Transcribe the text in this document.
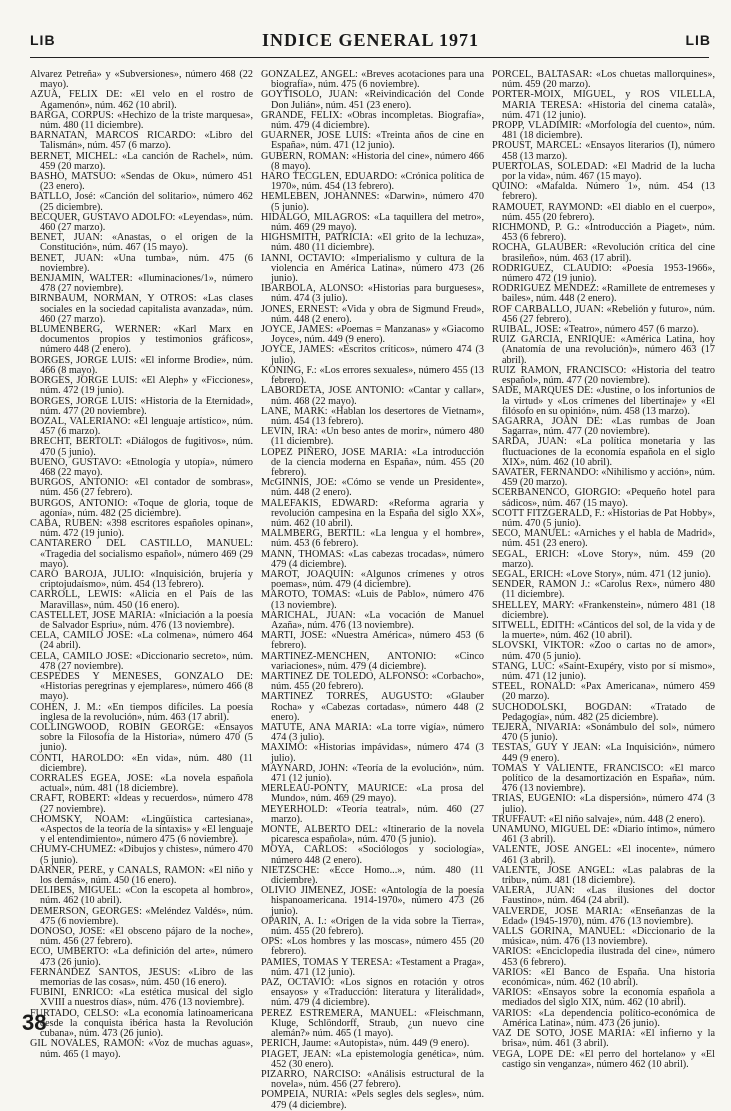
LIB	INDICE GENERAL 1971	LIB

Alvarez Petreña» y «Subversiones», número 468 (22 mayo).

AZUA, FELIX DE: «El velo en el rostro de Agamenón», núm. 462 (10 abril).

BARGA, CORPUS: «Hechizo de la triste marquesa», núm. 480 (11 diciembre).

BARNATAN, MARCOS RICARDO: «Libro del Talismán», núm. 457 (6 marzo).

BERNET, MICHEL: «La canción de Rachel», núm. 459 (20 marzo).

BASHO, MATSUO: «Sendas de Oku», número 451 (23 enero).

BATLLO, José: «Canción del solitario», número 462 (25 diciembre).

BECQUER, GUSTAVO ADOLFO: «Leyendas», núm. 460 (27 marzo).

BENET, JUAN: «Anastas, o el origen de la Constitución», núm. 467 (15 mayo).

BENET, JUAN: «Una tumba», núm. 475 (6 noviembre).

BENJAMIN, WALTER: «Iluminaciones/1», número 478 (27 noviembre).

BIRNBAUM, NORMAN, Y OTROS: «Las clases sociales en la sociedad capitalista avanzada», núm. 460 (27 marzo).

BLUMENBERG, WERNER: «Karl Marx en documentos propios y testimonios gráficos», número 448 (2 enero).

BORGES, JORGE LUIS: «El informe Brodie», núm. 466 (8 mayo).

BORGES, JORGE LUIS: «El Aleph» y «Ficciones», núm. 472 (19 junio).

BORGES, JORGE LUIS: «Historia de la Eternidad», núm. 477 (20 noviembre).

BOZAL, VALERIANO: «El lenguaje artístico», núm. 457 (6 marzo).

BRECHT, BERTOLT: «Diálogos de fugitivos», núm. 470 (5 junio).

BUENO, GUSTAVO: «Etnología y utopía», número 468 (22 mayo).

BURGOS, ANTONIO: «El contador de sombras», núm. 456 (27 febrero).

BURGOS, ANTONIO: «Toque de gloria, toque de agonía», núm. 482 (25 diciembre).

CABA, RUBEN: «398 escritores españoles opinan», núm. 472 (19 junio).

CANTARERO DEL CASTILLO, MANUEL: «Tragedia del socialismo español», número 469 (29 mayo).

CARO BAROJA, JULIO: «Inquisición, brujería y criptojudaísmo», núm. 454 (13 febrero).

CARROLL, LEWIS: «Alicia en el País de las Maravillas», núm. 450 (16 enero).

CASTELLET, JOSE MARIA: «Iniciación a la poesía de Salvador Espriu», núm. 476 (13 noviembre).

CELA, CAMILO JOSE: «La colmena», número 464 (24 abril).

CELA, CAMILO JOSE: «Diccionario secreto», núm. 478 (27 noviembre).

CESPEDES Y MENESES, GONZALO DE: «Historias peregrinas y ejemplares», número 466 (8 mayo).

COHEN, J. M.: «En tiempos difíciles. La poesía inglesa de la revolución», núm. 463 (17 abril).

COLLINGWOOD, ROBIN GEORGE: «Ensayos sobre la Filosofía de la Historia», número 470 (5 junio).

CONTI, HAROLDO: «En vida», núm. 480 (11 diciembre).

CORRALES EGEA, JOSE: «La novela española actual», núm. 481 (18 diciembre).

CRAFT, ROBERT: «Ideas y recuerdos», número 478 (27 noviembre).

CHOMSKY, NOAM: «Lingüística cartesiana», «Aspectos de la teoría de la sintaxis» y «El lenguaje y el entendimiento», número 475 (6 noviembre).

CHUMY-CHUMEZ: «Dibujos y chistes», número 470 (5 junio).

DARNER, PERE, y CANALS, RAMON: «El niño y los demás», núm. 450 (16 enero).

DELIBES, MIGUEL: «Con la escopeta al hombro», núm. 462 (10 abril).

DEMERSON, GEORGES: «Meléndez Valdés», núm. 475 (6 noviembre).

DONOSO, JOSE: «El obsceno pájaro de la noche», núm. 456 (27 febrero).

ECO, UMBERTO: «La definición del arte», número 473 (26 junio).

FERNANDEZ SANTOS, JESUS: «Libro de las memorias de las cosas», núm. 450 (16 enero).

FUBINI, ENRICO: «La estética musical del siglo XVIII a nuestros días», núm. 476 (13 noviembre).

FURTADO, CELSO: «La economía latinoamericana desde la conquista ibérica hasta la Revolución cubana», núm. 473 (26 junio).

GIL NOVALES, RAMON: «Voz de muchas aguas», núm. 465 (1 mayo).

GONZALEZ, ANGEL: «Breves acotaciones para una biografía», núm. 475 (6 noviembre).

GOYTISOLO, JUAN: «Reivindicación del Conde Don Julián», núm. 451 (23 enero).

GRANDE, FELIX: «Obras incompletas. Biografía», núm. 479 (4 diciembre).

GUARNER, JOSE LUIS: «Treinta años de cine en España», núm. 471 (12 junio).

GUBERN, ROMAN: «Historia del cine», número 466 (8 mayo).

HARO TECGLEN, EDUARDO: «Crónica política de 1970», núm. 454 (13 febrero).

HEMLEBEN, JOHANNES: «Darwin», número 470 (5 junio).

HIDALGO, MILAGROS: «La taquillera del metro», núm. 469 (29 mayo).

HIGHSMITH, PATRICIA: «El grito de la lechuza», núm. 480 (11 diciembre).

IANNI, OCTAVIO: «Imperialismo y cultura de la violencia en América Latina», número 473 (26 junio).

IBARBOLA, ALONSO: «Historias para burgueses», núm. 474 (3 julio).

JONES, ERNEST: «Vida y obra de Sigmund Freud», núm. 448 (2 enero).

JOYCE, JAMES: «Poemas = Manzanas» y «Giacomo Joyce», núm. 449 (9 enero).

JOYCE, JAMES: «Escritos críticos», número 474 (3 julio).

KONING, F.: «Los errores sexuales», número 455 (13 febrero).

LABORDETA, JOSE ANTONIO: «Cantar y callar», núm. 468 (22 mayo).

LANE, MARK: «Hablan los desertores de Vietnam», núm. 454 (13 febrero).

LEVIN, IRA: «Un beso antes de morir», número 480 (11 diciembre).

LOPEZ PIÑERO, JOSE MARIA: «La introducción de la ciencia moderna en España», núm. 455 (20 febrero).

McGINNIS, JOE: «Cómo se vende un Presidente», núm. 448 (2 enero).

MALEFAKIS, EDWARD: «Reforma agraria y revolución campesina en la España del siglo XX», núm. 462 (10 abril).

MALMBERG, BERTIL: «La lengua y el hombre», núm. 453 (6 febrero).

MANN, THOMAS: «Las cabezas trocadas», número 479 (4 diciembre).

MAROT, JOAQUIN: «Algunos crímenes y otros poemas», núm. 479 (4 diciembre).

MAROTO, TOMAS: «Luis de Pablo», número 476 (13 noviembre).

MARICHAL, JUAN: «La vocación de Manuel Azaña», núm. 476 (13 noviembre).

MARTI, JOSE: «Nuestra América», número 453 (6 febrero).

MARTINEZ-MENCHEN, ANTONIO: «Cinco variaciones», núm. 479 (4 diciembre).

MARTINEZ DE TOLEDO, ALFONSO: «Corbacho», núm. 455 (20 febrero).

MARTINEZ TORRES, AUGUSTO: «Glauber Rocha» y «Cabezas cortadas», número 448 (2 enero).

MATUTE, ANA MARIA: «La torre vigía», número 474 (3 julio).

MAXIMO: «Historias impávidas», número 474 (3 julio).

MAYNARD, JOHN: «Teoría de la evolución», núm. 471 (12 junio).

MERLEAU-PONTY, MAURICE: «La prosa del Mundo», núm. 469 (29 mayo).

MEYERHOLD: «Teoría teatral», núm. 460 (27 marzo).

MONTE, ALBERTO DEL: «Itinerario de la novela picaresca española», núm. 470 (5 junio).

MOYA, CARLOS: «Sociólogos y sociología», número 448 (2 enero).

NIETZSCHE: «Ecce Homo...», núm. 480 (11 diciembre).

OLIVIO JIMENEZ, JOSE: «Antología de la poesía hispanoamericana. 1914-1970», número 473 (26 junio).

OPARIN, A. I.: «Origen de la vida sobre la Tierra», núm. 455 (20 febrero).

OPS: «Los hombres y las moscas», número 455 (20 febrero).

PAMIES, TOMAS Y TERESA: «Testament a Praga», núm. 471 (12 junio).

PAZ, OCTAVIO: «Los signos en rotación y otros ensayos» y «Traducción: literatura y literalidad», núm. 479 (4 diciembre).

PEREZ ESTREMERA, MANUEL: «Fleischmann, Kluge, Schlöndorff, Straub, ¿un nuevo cine alemán?» núm. 465 (1 mayo).

PERICH, Jaume: «Autopista», núm. 449 (9 enero).

PIAGET, JEAN: «La epistemología genética», núm. 452 (30 enero).

PIZARRO, NARCISO: «Análisis estructural de la novela», núm. 456 (27 febrero).

POMPEIA, NURIA: «Pels segles dels segles», núm. 479 (4 diciembre).

PORCEL, BALTASAR: «Los chuetas mallorquines», núm. 459 (20 marzo).

PORTER-MOIX, MIGUEL, y ROS VILELLA, MARIA TERESA: «Historia del cinema català», núm. 471 (12 junio).

PROPP, VLADIMIR: «Morfología del cuento», núm. 481 (18 diciembre).

PROUST, MARCEL: «Ensayos literarios (I), número 458 (13 marzo).

PUERTOLAS, SOLEDAD: «El Madrid de la lucha por la vida», núm. 467 (15 mayo).

QUINO: «Mafalda. Número 1», núm. 454 (13 febrero).

RAMOUET, RAYMOND: «El diablo en el cuerpo», núm. 455 (20 febrero).

RICHMOND, P. G.: «Introducción a Piaget», núm. 453 (6 febrero).

ROCHA, GLAUBER: «Revolución crítica del cine brasileño», núm. 463 (17 abril).

RODRIGUEZ, CLAUDIO: «Poesía 1953-1966», número 472 (19 junio).

RODRIGUEZ MENDEZ: «Ramillete de entremeses y bailes», núm. 448 (2 enero).

ROF CARBALLO, JUAN: «Rebelión y futuro», núm. 456 (27 febrero).

RUIBAL, JOSE: «Teatro», número 457 (6 marzo).

RUIZ GARCIA, ENRIQUE: «América Latina, hoy (Anatomía de una revolución)», número 463 (17 abril).

RUIZ RAMON, FRANCISCO: «Historia del teatro español», núm. 477 (20 noviembre).

SADE, MARQUES DE: «Justine, o los infortunios de la virtud» y «Los crímenes del libertinaje» y «El filósofo en su opinión», núm. 458 (13 marzo).

SAGARRA, JOAN DE: «Las rumbas de Joan Sagarra», núm. 477 (20 noviembre).

SARDA, JUAN: «La política monetaria y las fluctuaciones de la economía española en el siglo XIX», núm. 462 (10 abril).

SAVATER, FERNANDO: «Nihilismo y acción», núm. 459 (20 marzo).

SCERBANENCO, GIORGIO: «Pequeño hotel para sádicos», núm. 467 (15 mayo).

SCOTT FITZGERALD, F.: «Historias de Pat Hobby», núm. 470 (5 junio).

SECO, MANUEL: «Arniches y el habla de Madrid», núm. 451 (23 enero).

SEGAL, ERICH: «Love Story», núm. 459 (20 marzo).

SEGAL, ERICH: «Love Story», núm. 471 (12 junio).

SENDER, RAMON J.: «Carolus Rex», número 480 (11 diciembre).

SHELLEY, MARY: «Frankenstein», número 481 (18 diciembre).

SITWELL, EDITH: «Cánticos del sol, de la vida y de la muerte», núm. 462 (10 abril).

SLOVSKI, VIKTOR: «Zoo o cartas no de amor», núm. 470 (5 junio).

STANG, LUC: «Saint-Exupéry, visto por sí mismo», núm. 471 (12 junio).

STEEL, RONALD: «Pax Americana», número 459 (20 marzo).

SUCHODOLSKI, BOGDAN: «Tratado de Pedagogía», núm. 482 (25 diciembre).

TEJERA, NIVARIA: «Sonámbulo del sol», número 470 (5 junio).

TESTAS, GUY Y JEAN: «La Inquisición», número 449 (9 enero).

TOMAS Y VALIENTE, FRANCISCO: «El marco político de la desamortización en España», núm. 476 (13 noviembre).

TRIAS, EUGENIO: «La dispersión», número 474 (3 julio).

TRUFFAUT: «El niño salvaje», núm. 448 (2 enero).

UNAMUNO, MIGUEL DE: «Diario íntimo», número 461 (3 abril).

VALENTE, JOSE ANGEL: «El inocente», número 461 (3 abril).

VALENTE, JOSE ANGEL: «Las palabras de la tribu», núm. 481 (18 diciembre).

VALERA, JUAN: «Las ilusiones del doctor Faustino», núm. 464 (24 abril).

VALVERDE, JOSE MARIA: «Enseñanzas de la Edad» (1945-1970), núm. 476 (13 noviembre).

VALLS GORINA, MANUEL: «Diccionario de la música», núm. 476 (13 noviembre).

VARIOS: «Enciclopedia ilustrada del cine», número 453 (6 febrero).

VARIOS: «El Banco de España. Una historia económica», núm. 462 (10 abril).

VARIOS: «Ensayos sobre la economía española a mediados del siglo XIX, núm. 462 (10 abril).

VARIOS: «La dependencia político-económica de América Latina», núm. 473 (26 junio).

VAZ DE SOTO, JOSE MARIA: «El infierno y la brisa», núm. 461 (3 abril).

VEGA, LOPE DE: «El perro del hortelano» y «El castigo sin venganza», número 462 (10 abril).

38
